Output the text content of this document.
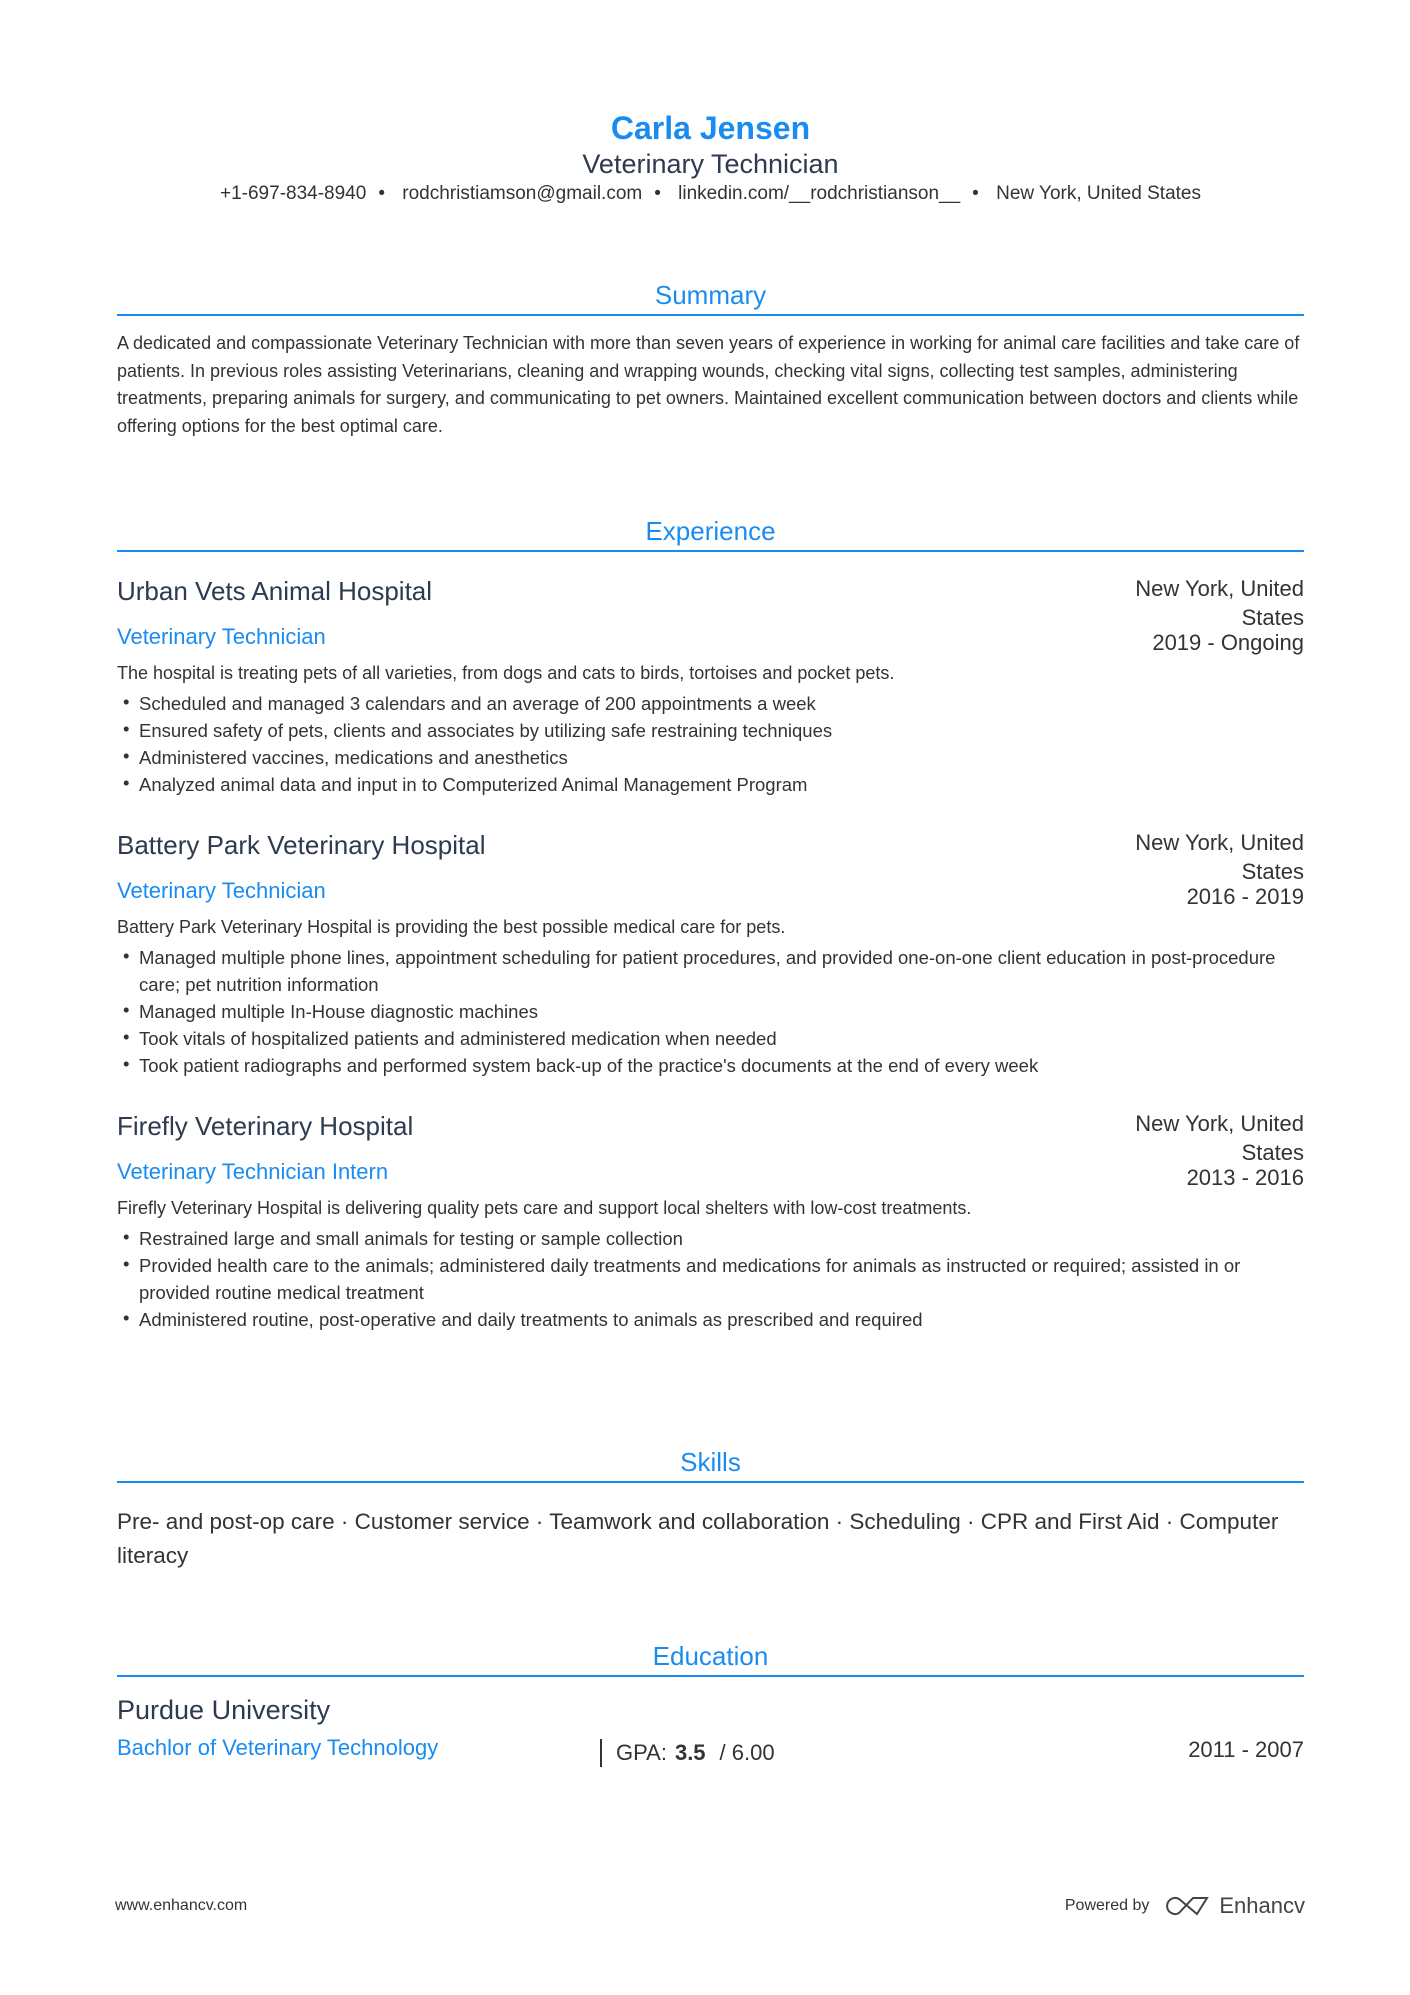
Carla Jensen
Veterinary Technician
+1-697-834-8940 • rodchristiamson@gmail.com • linkedin.com/__rodchristianson__ • New York, United States
Summary

A dedicated and compassionate Veterinary Technician with more than seven years of experience in working for animal care facilities and take care of patients. In previous roles assisting Veterinarians, cleaning and wrapping wounds, checking vital signs, collecting test samples, administering treatments, preparing animals for surgery, and communicating to pet owners. Maintained excellent communication between doctors and clients while offering options for the best optimal care.

Experience
Urban Vets Animal Hospital
Veterinary Technician
New York, United States
2019 - Ongoing
The hospital is treating pets of all varieties, from dogs and cats to birds, tortoises and pocket pets.
• Scheduled and managed 3 calendars and an average of 200 appointments a week
• Ensured safety of pets, clients and associates by utilizing safe restraining techniques
• Administered vaccines, medications and anesthetics
• Analyzed animal data and input in to Computerized Animal Management Program
Battery Park Veterinary Hospital
Veterinary Technician
New York, United States
2016 - 2019
Battery Park Veterinary Hospital is providing the best possible medical care for pets.
• Managed multiple phone lines, appointment scheduling for patient procedures, and provided one-on-one client education in post-procedure care; pet nutrition information
• Managed multiple In-House diagnostic machines
• Took vitals of hospitalized patients and administered medication when needed
• Took patient radiographs and performed system back-up of the practice's documents at the end of every week
Firefly Veterinary Hospital
Veterinary Technician Intern
New York, United States
2013 - 2016
Firefly Veterinary Hospital is delivering quality pets care and support local shelters with low-cost treatments.
• Restrained large and small animals for testing or sample collection
• Provided health care to the animals; administered daily treatments and medications for animals as instructed or required; assisted in or provided routine medical treatment
• Administered routine, post-operative and daily treatments to animals as prescribed and required
Skills

Pre- and post-op care · Customer service · Teamwork and collaboration · Scheduling · CPR and First Aid · Computer literacy

Education
Purdue University
Bachlor of Veterinary Technology	GPA: 3.5 / 6.00	2011 - 2007
www.enhancv.com	Powered by	Enhancv
